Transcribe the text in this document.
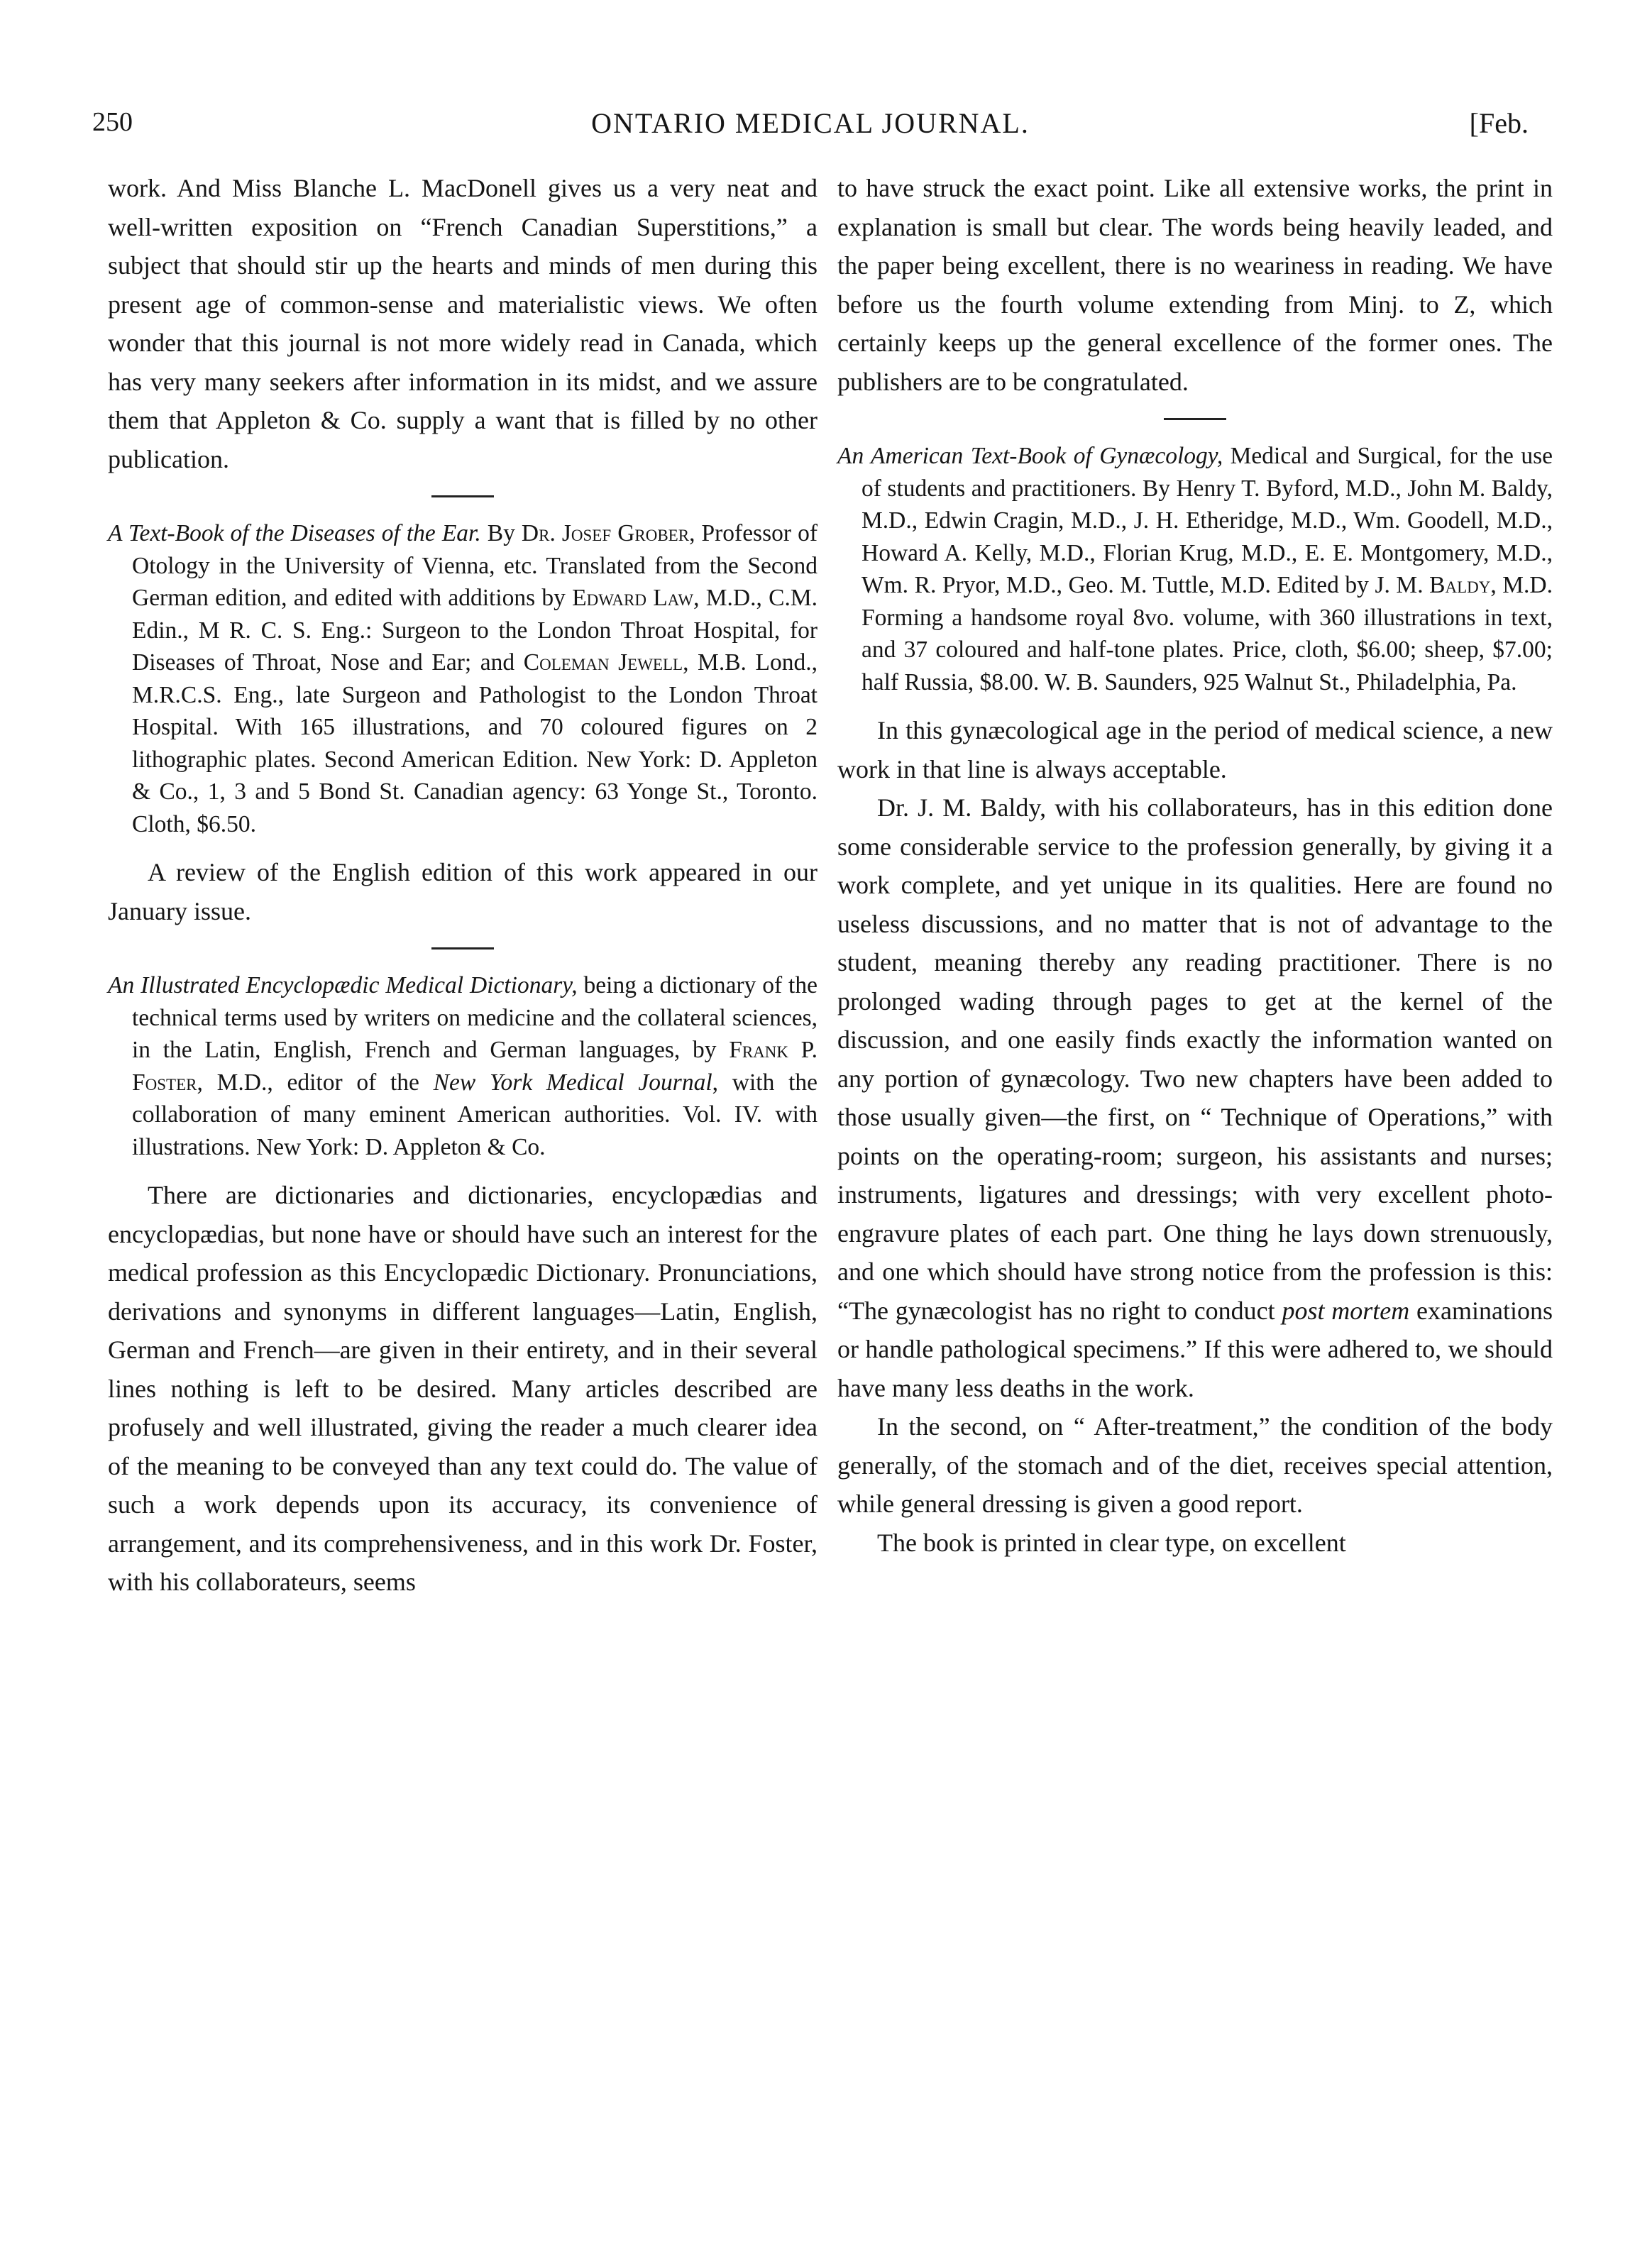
250	ONTARIO MEDICAL JOURNAL.	[Feb.

work. And Miss Blanche L. MacDonell gives us a very neat and well-written exposition on “French Canadian Superstitions,” a subject that should stir up the hearts and minds of men during this present age of common-sense and materialistic views. We often wonder that this journal is not more widely read in Canada, which has very many seekers after information in its midst, and we assure them that Appleton & Co. supply a want that is filled by no other publication.

A Text-Book of the Diseases of the Ear. By Dr. Josef Grober, Professor of Otology in the University of Vienna, etc. Translated from the Second German edition, and edited with additions by Edward Law, M.D., C.M. Edin., M R. C. S. Eng.: Surgeon to the London Throat Hospital, for Diseases of Throat, Nose and Ear; and Coleman Jewell, M.B. Lond., M.R.C.S. Eng., late Surgeon and Pathologist to the London Throat Hospital. With 165 illustrations, and 70 coloured figures on 2 lithographic plates. Second American Edition. New York: D. Appleton & Co., 1, 3 and 5 Bond St. Canadian agency: 63 Yonge St., Toronto. Cloth, $6.50.

A review of the English edition of this work appeared in our January issue.

An Illustrated Encyclopædic Medical Dictionary, being a dictionary of the technical terms used by writers on medicine and the collateral sciences, in the Latin, English, French and German languages, by Frank P. Foster, M.D., editor of the New York Medical Journal, with the collaboration of many eminent American authorities. Vol. IV. with illustrations. New York: D. Appleton & Co.

There are dictionaries and dictionaries, encyclopædias and encyclopædias, but none have or should have such an interest for the medical profession as this Encyclopædic Dictionary. Pronunciations, derivations and synonyms in different languages—Latin, English, German and French—are given in their entirety, and in their several lines nothing is left to be desired. Many articles described are profusely and well illustrated, giving the reader a much clearer idea of the meaning to be conveyed than any text could do. The value of such a work depends upon its accuracy, its convenience of arrangement, and its comprehensiveness, and in this work Dr. Foster, with his collaborateurs, seems

to have struck the exact point. Like all extensive works, the print in explanation is small but clear. The words being heavily leaded, and the paper being excellent, there is no weariness in reading. We have before us the fourth volume extending from Minj. to Z, which certainly keeps up the general excellence of the former ones. The publishers are to be congratulated.

An American Text-Book of Gynæcology, Medical and Surgical, for the use of students and practitioners. By Henry T. Byford, M.D., John M. Baldy, M.D., Edwin Cragin, M.D., J. H. Etheridge, M.D., Wm. Goodell, M.D., Howard A. Kelly, M.D., Florian Krug, M.D., E. E. Montgomery, M.D., Wm. R. Pryor, M.D., Geo. M. Tuttle, M.D. Edited by J. M. Baldy, M.D. Forming a handsome royal 8vo. volume, with 360 illustrations in text, and 37 coloured and half-tone plates. Price, cloth, $6.00; sheep, $7.00; half Russia, $8.00. W. B. Saunders, 925 Walnut St., Philadelphia, Pa.

In this gynæcological age in the period of medical science, a new work in that line is always acceptable.

Dr. J. M. Baldy, with his collaborateurs, has in this edition done some considerable service to the profession generally, by giving it a work complete, and yet unique in its qualities. Here are found no useless discussions, and no matter that is not of advantage to the student, meaning thereby any reading practitioner. There is no prolonged wading through pages to get at the kernel of the discussion, and one easily finds exactly the information wanted on any portion of gynæcology. Two new chapters have been added to those usually given—the first, on “ Technique of Operations,” with points on the operating-room; surgeon, his assistants and nurses; instruments, ligatures and dressings; with very excellent photo-engravure plates of each part. One thing he lays down strenuously, and one which should have strong notice from the profession is this: “The gynæcologist has no right to conduct post mortem examinations or handle pathological specimens.” If this were adhered to, we should have many less deaths in the work.

In the second, on “ After-treatment,” the condition of the body generally, of the stomach and of the diet, receives special attention, while general dressing is given a good report.

The book is printed in clear type, on excellent
